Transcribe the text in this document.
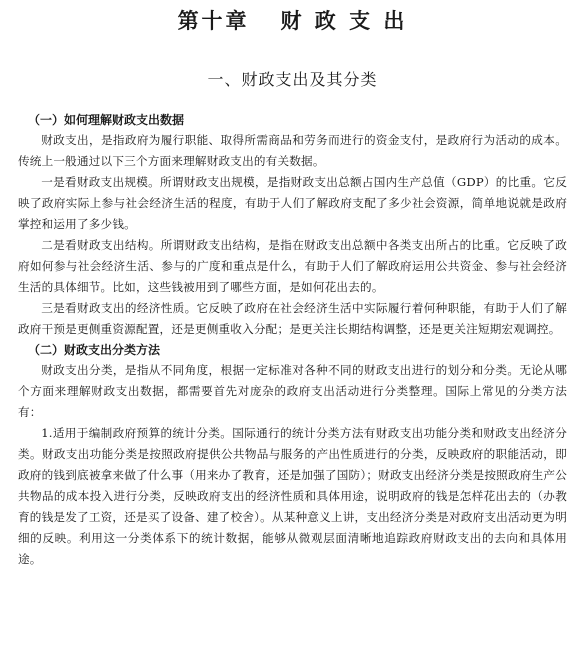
第十章   财 政 支 出
一、财政支出及其分类
（一）如何理解财政支出数据

财政支出，是指政府为履行职能、取得所需商品和劳务而进行的资金支付，是政府行为活动的成本。传统上一般通过以下三个方面来理解财政支出的有关数据。

一是看财政支出规模。所谓财政支出规模，是指财政支出总额占国内生产总值（GDP）的比重。它反映了政府实际上参与社会经济生活的程度，有助于人们了解政府支配了多少社会资源，简单地说就是政府掌控和运用了多少钱。

二是看财政支出结构。所谓财政支出结构，是指在财政支出总额中各类支出所占的比重。它反映了政府如何参与社会经济生活、参与的广度和重点是什么，有助于人们了解政府运用公共资金、参与社会经济生活的具体细节。比如，这些钱被用到了哪些方面，是如何花出去的。

三是看财政支出的经济性质。它反映了政府在社会经济生活中实际履行着何种职能，有助于人们了解政府干预是更侧重资源配置，还是更侧重收入分配；是更关注长期结构调整，还是更关注短期宏观调控。

（二）财政支出分类方法

财政支出分类，是指从不同角度，根据一定标准对各种不同的财政支出进行的划分和分类。无论从哪个方面来理解财政支出数据，都需要首先对庞杂的政府支出活动进行分类整理。国际上常见的分类方法有：

1.适用于编制政府预算的统计分类。国际通行的统计分类方法有财政支出功能分类和财政支出经济分类。财政支出功能分类是按照政府提供公共物品与服务的产出性质进行的分类，反映政府的职能活动，即政府的钱到底被拿来做了什么事（用来办了教育，还是加强了国防）；财政支出经济分类是按照政府生产公共物品的成本投入进行分类，反映政府支出的经济性质和具体用途，说明政府的钱是怎样花出去的（办教育的钱是发了工资，还是买了设备、建了校舍）。从某种意义上讲，支出经济分类是对政府支出活动更为明细的反映。利用这一分类体系下的统计数据，能够从微观层面清晰地追踪政府财政支出的去向和具体用途。
